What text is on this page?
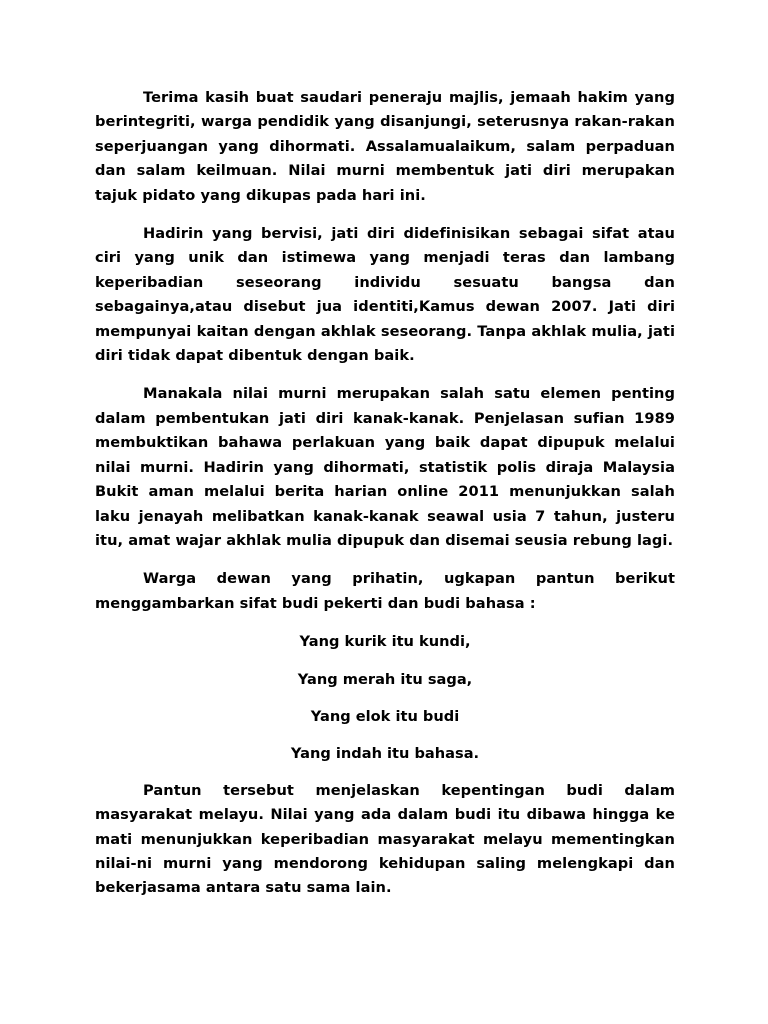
Terima kasih buat saudari peneraju majlis, jemaah hakim yang berintegriti, warga pendidik yang disanjungi, seterusnya rakan-rakan seperjuangan yang dihormati. Assalamualaikum, salam perpaduan dan salam keilmuan. Nilai murni membentuk jati diri merupakan tajuk pidato yang dikupas pada hari ini.

Hadirin yang bervisi, jati diri didefinisikan sebagai sifat atau ciri yang unik dan istimewa yang menjadi teras dan lambang keperibadian seseorang individu sesuatu bangsa dan sebagainya,atau disebut jua identiti,Kamus dewan 2007. Jati diri mempunyai kaitan dengan akhlak seseorang. Tanpa akhlak mulia, jati diri tidak dapat dibentuk dengan baik.

Manakala nilai murni merupakan salah satu elemen penting dalam pembentukan jati diri kanak-kanak. Penjelasan sufian 1989 membuktikan bahawa perlakuan yang baik dapat dipupuk melalui nilai murni. Hadirin yang dihormati, statistik polis diraja Malaysia Bukit aman melalui berita harian online 2011 menunjukkan salah laku jenayah melibatkan kanak-kanak seawal usia 7 tahun, justeru itu, amat wajar akhlak mulia dipupuk dan disemai seusia rebung lagi.

Warga dewan yang prihatin, ugkapan pantun berikut menggambarkan sifat budi pekerti dan budi bahasa :

Yang kurik itu kundi,

Yang merah itu saga,

Yang elok itu budi

Yang indah itu bahasa.

Pantun tersebut menjelaskan kepentingan budi dalam masyarakat melayu. Nilai yang ada dalam budi itu dibawa hingga ke mati menunjukkan keperibadian masyarakat melayu mementingkan nilai-ni murni yang mendorong kehidupan saling melengkapi dan bekerjasama antara satu sama lain.
